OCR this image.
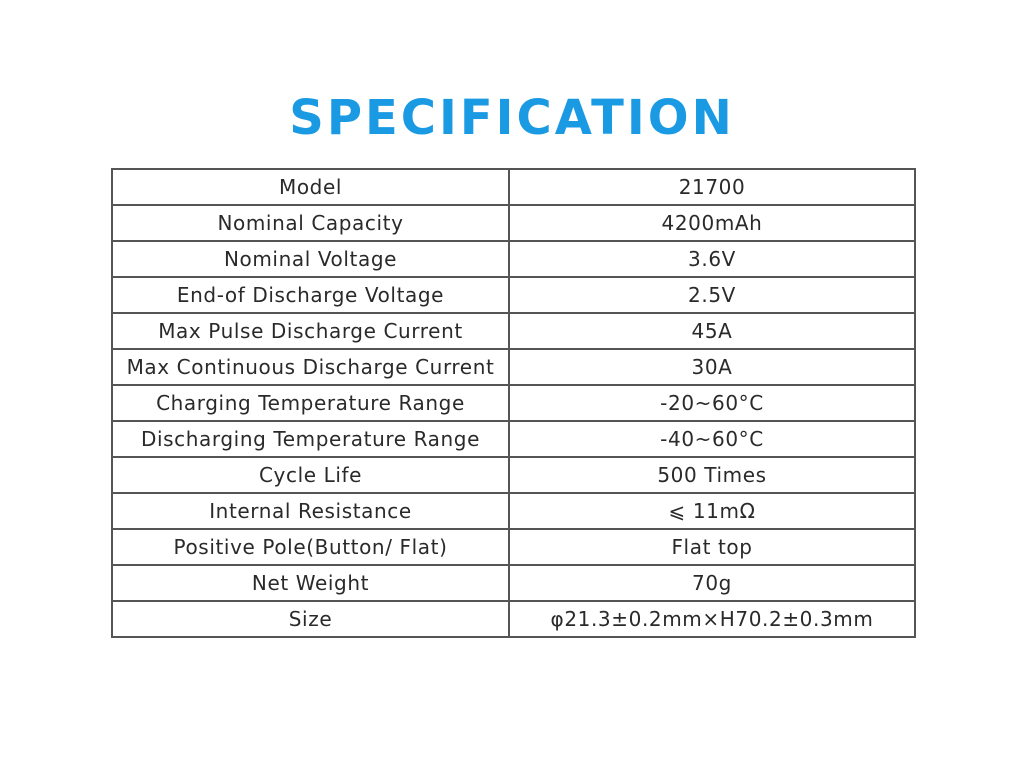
SPECIFICATION
Model	21700
Nominal Capacity	4200mAh
Nominal Voltage	3.6V
End-of Discharge Voltage	2.5V
Max Pulse Discharge Current	45A
Max Continuous Discharge Current	30A
Charging Temperature Range	-20~60°C
Discharging Temperature Range	-40~60°C
Cycle Life	500 Times
Internal Resistance	⩽ 11mΩ
Positive Pole(Button/ Flat)	Flat top
Net Weight	70g
Size	φ21.3±0.2mm×H70.2±0.3mm
